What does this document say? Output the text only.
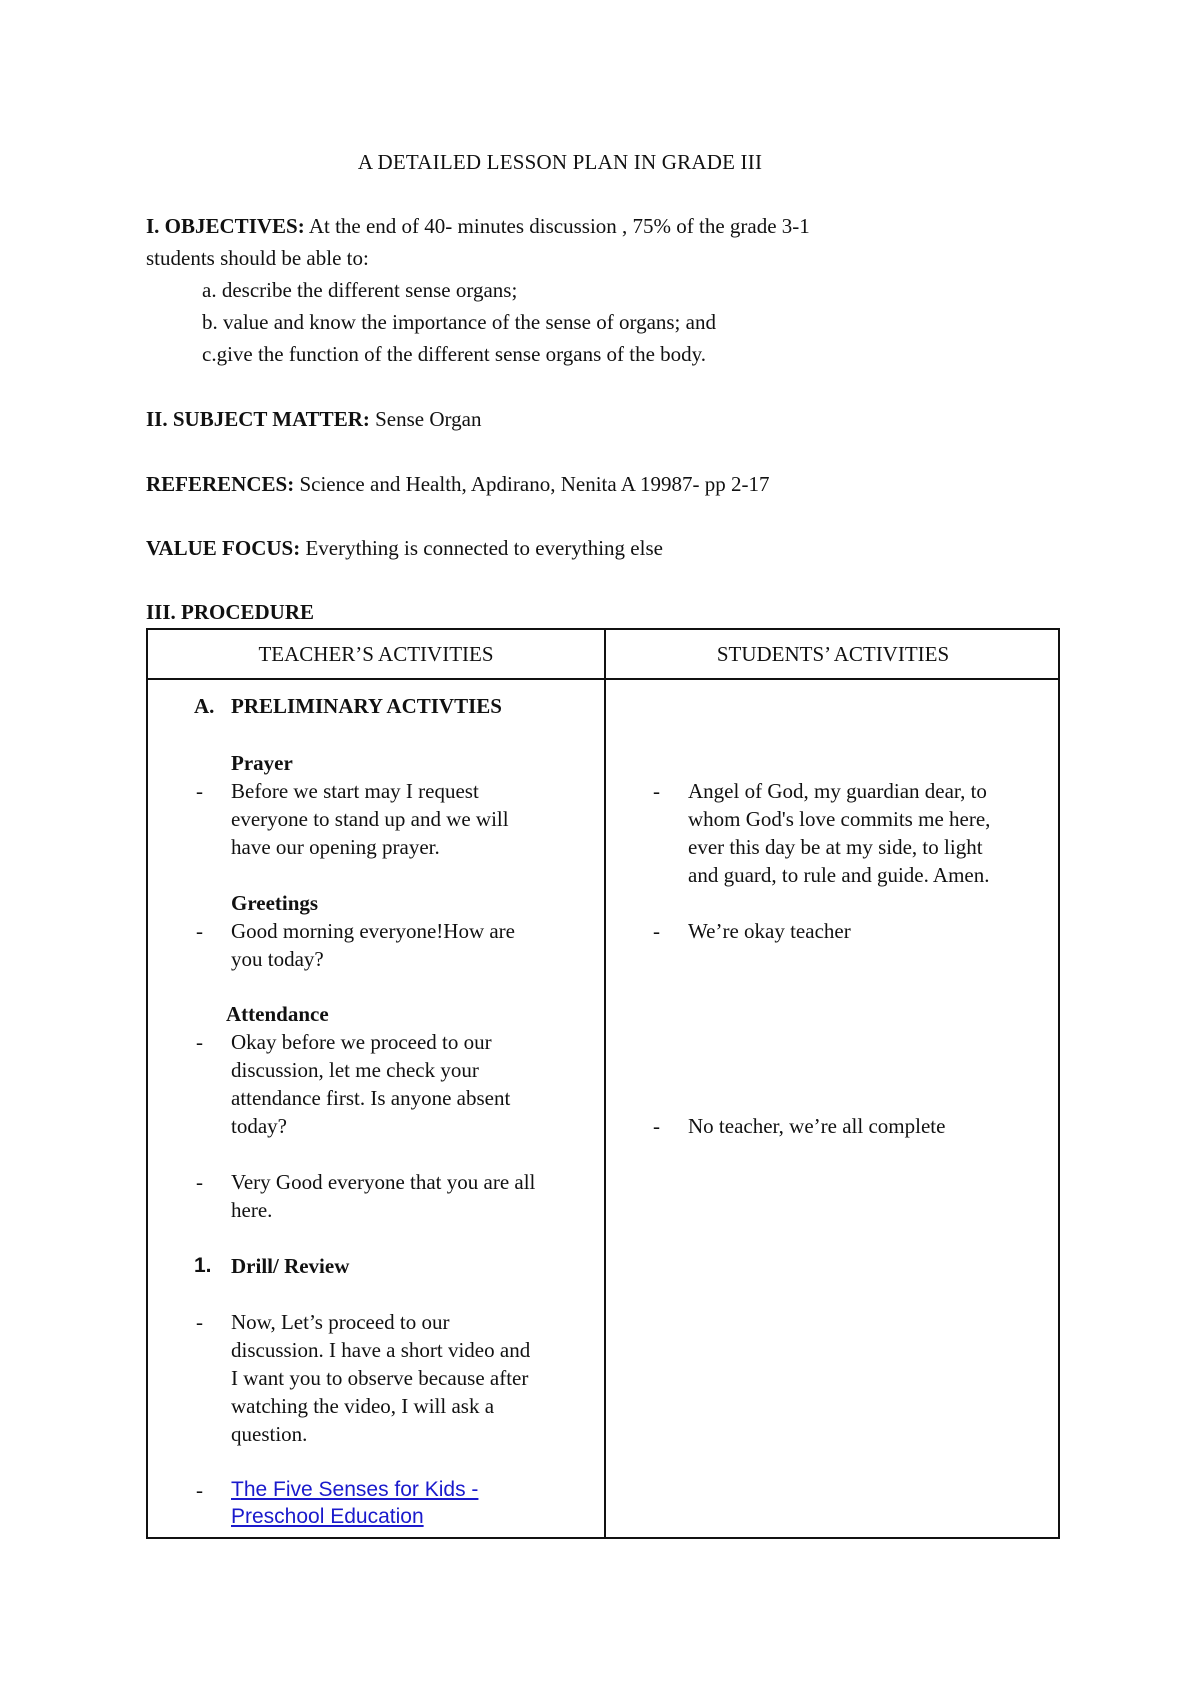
A DETAILED LESSON PLAN IN GRADE III
I. OBJECTIVES: At the end of 40- minutes discussion , 75% of the grade 3-1
students should be able to:
a. describe the different sense organs;
b. value and know the importance of the sense of organs; and
c.give the function of the different sense organs of the body.
II. SUBJECT MATTER: Sense Organ
REFERENCES: Science and Health, Apdirano, Nenita A 19987- pp 2-17
VALUE FOCUS: Everything is connected to everything else
III. PROCEDURE
TEACHER’S ACTIVITIES	STUDENTS’ ACTIVITIES
A. PRELIMINARY ACTIVTIES
Prayer
- Before we start may I request
everyone to stand up and we will
have our opening prayer.
Greetings
- Good morning everyone!How are
you today?
Attendance
- Okay before we proceed to our
discussion, let me check your
attendance first. Is anyone absent
today?
- Very Good everyone that you are all
here.
1. Drill/ Review
- Now, Let’s proceed to our
discussion. I have a short video and
I want you to observe because after
watching the video, I will ask a
question.
- The Five Senses for Kids -
Preschool Education
- Angel of God, my guardian dear, to
whom God's love commits me here,
ever this day be at my side, to light
and guard, to rule and guide. Amen.
- We’re okay teacher
- No teacher, we’re all complete
